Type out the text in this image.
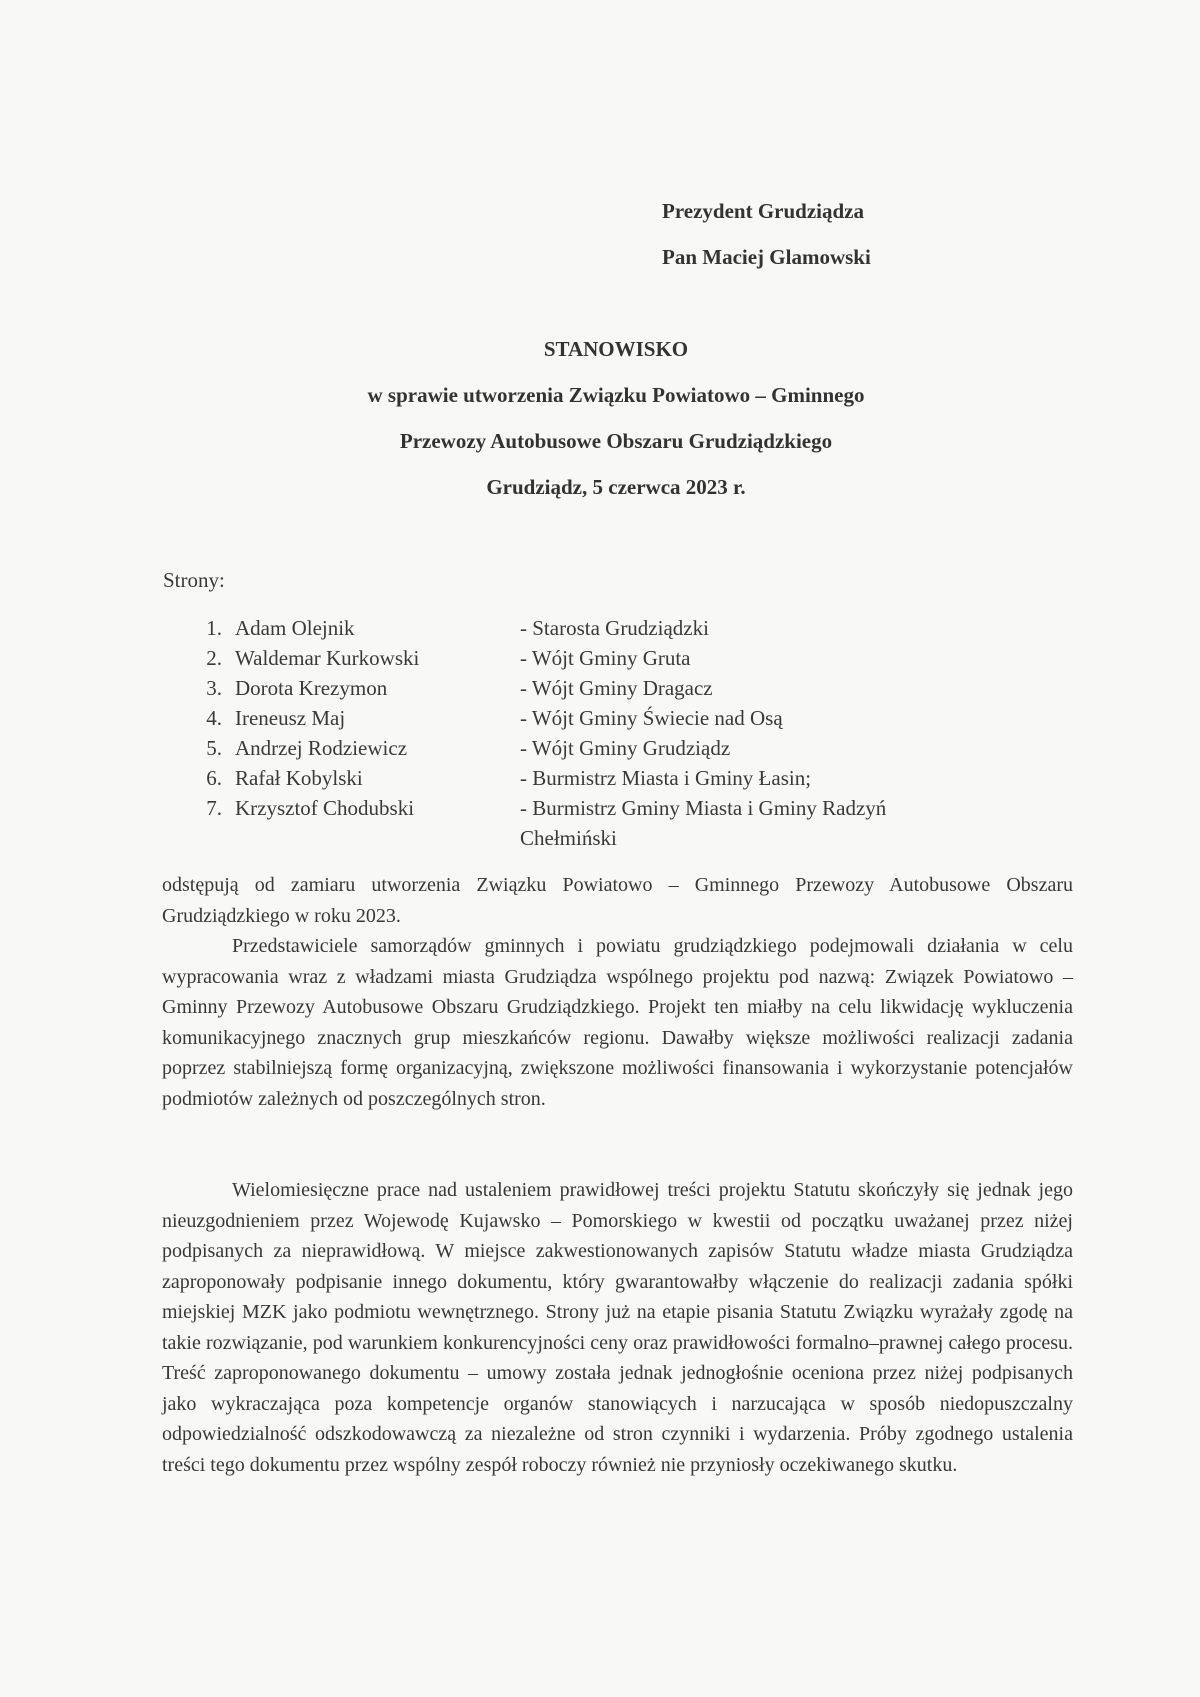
Prezydent Grudziądza
Pan Maciej Glamowski
STANOWISKO
w sprawie utworzenia Związku Powiatowo – Gminnego
Przewozy Autobusowe Obszaru Grudziądzkiego
Grudziądz, 5 czerwca 2023 r.
Strony:
1. Adam Olejnik	- Starosta Grudziądzki
2. Waldemar Kurkowski	- Wójt Gminy Gruta
3. Dorota Krezymon	- Wójt Gminy Dragacz
4. Ireneusz Maj	- Wójt Gminy Świecie nad Osą
5. Andrzej Rodziewicz	- Wójt Gminy Grudziądz
6. Rafał Kobylski	- Burmistrz Miasta i Gminy Łasin;
7. Krzysztof Chodubski	- Burmistrz Gminy Miasta i Gminy Radzyń Chełmiński
odstępują od zamiaru utworzenia Związku Powiatowo – Gminnego Przewozy Autobusowe Obszaru Grudziądzkiego w roku 2023.
Przedstawiciele samorządów gminnych i powiatu grudziądzkiego podejmowali działania w celu wypracowania wraz z władzami miasta Grudziądza wspólnego projektu pod nazwą: Związek Powiatowo – Gminny Przewozy Autobusowe Obszaru Grudziądzkiego. Projekt ten miałby na celu likwidację wykluczenia komunikacyjnego znacznych grup mieszkańców regionu. Dawałby większe możliwości realizacji zadania poprzez stabilniejszą formę organizacyjną, zwiększone możliwości finansowania i wykorzystanie potencjałów podmiotów zależnych od poszczególnych stron.
Wielomiesięczne prace nad ustaleniem prawidłowej treści projektu Statutu skończyły się jednak jego nieuzgodnieniem przez Wojewodę Kujawsko – Pomorskiego w kwestii od początku uważanej przez niżej podpisanych za nieprawidłową. W miejsce zakwestionowanych zapisów Statutu władze miasta Grudziądza zaproponowały podpisanie innego dokumentu, który gwarantowałby włączenie do realizacji zadania spółki miejskiej MZK jako podmiotu wewnętrznego. Strony już na etapie pisania Statutu Związku wyrażały zgodę na takie rozwiązanie, pod warunkiem konkurencyjności ceny oraz prawidłowości formalno–prawnej całego procesu. Treść zaproponowanego dokumentu – umowy została jednak jednogłośnie oceniona przez niżej podpisanych jako wykraczająca poza kompetencje organów stanowiących i narzucająca w sposób niedopuszczalny odpowiedzialność odszkodowawczą za niezależne od stron czynniki i wydarzenia. Próby zgodnego ustalenia treści tego dokumentu przez wspólny zespół roboczy również nie przyniosły oczekiwanego skutku.
